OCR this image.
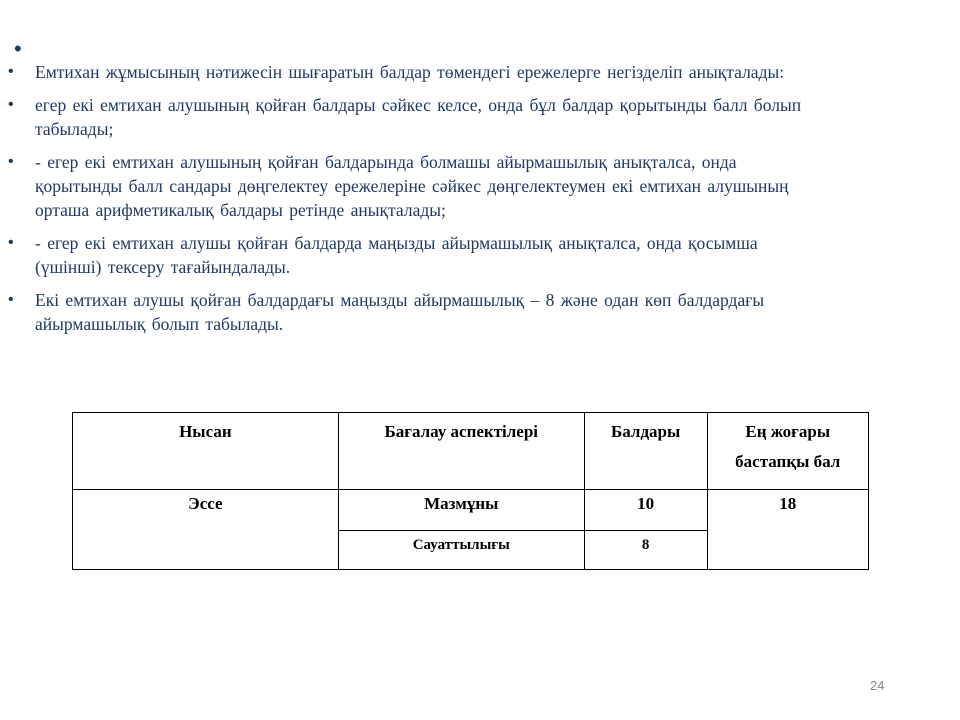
•
• Емтихан жұмысының нәтижесін шығаратын балдар төмендегі ережелерге негізделіп анықталады:
• егер екі емтихан алушының қойған балдары сәйкес келсе, онда бұл балдар қорытынды балл болып табылады;
• - егер екі емтихан алушының қойған балдарында болмашы айырмашылық анықталса, онда қорытынды балл сандары дөңгелектеу ережелеріне сәйкес дөңгелектеумен екі емтихан алушының орташа арифметикалық балдары ретінде анықталады;
• - егер екі емтихан алушы қойған балдарда маңызды айырмашылық анықталса, онда қосымша (үшінші) тексеру тағайындалады.
• Екі емтихан алушы қойған балдардағы маңызды айырмашылық – 8 және одан көп балдардағы айырмашылық болып табылады.
Нысан	Бағалау аспектілері	Балдары	Ең жоғары бастапқы бал
Эссе	Мазмұны	10	18
	Сауаттылығы	8	
24
